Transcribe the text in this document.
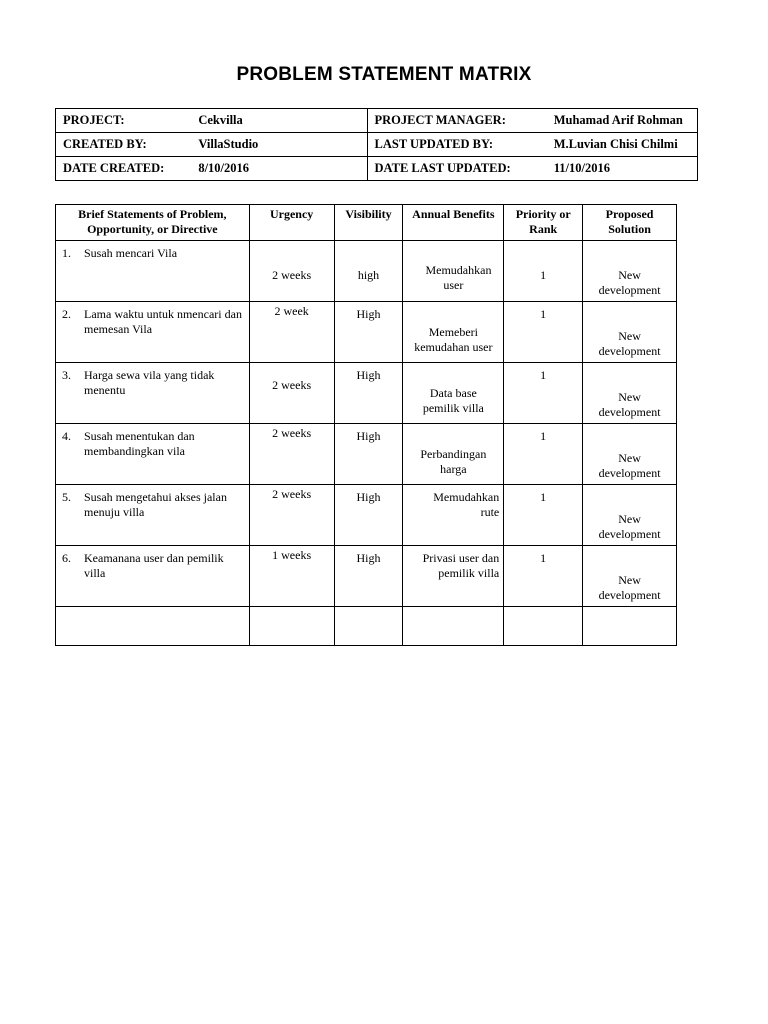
PROBLEM STATEMENT MATRIX
PROJECT:	Cekvilla	PROJECT MANAGER:	Muhamad Arif Rohman
CREATED BY:	VillaStudio	LAST UPDATED BY:	M.Luvian Chisi Chilmi
DATE CREATED:	8/10/2016	DATE LAST UPDATED:	11/10/2016
Brief Statements of Problem, Opportunity, or Directive	Urgency	Visibility	Annual Benefits	Priority or Rank	Proposed Solution

1. Susah mencari Vila	2 weeks	high	Memudahkan user	1	New development

2. Lama waktu untuk nmencari dan memesan Vila	2 week	High	Memeberi kemudahan user	1	New development

3. Harga sewa vila yang tidak menentu	2 weeks	High	Data base pemilik villa	1	New development

4. Susah menentukan dan membandingkan vila	2 weeks	High	Perbandingan harga	1	New development

5. Susah mengetahui akses jalan menuju villa	2 weeks	High	Memudahkan rute	1	New development

6. Keamanana user dan pemilik villa	1 weeks	High	Privasi user dan pemilik villa	1	New development
